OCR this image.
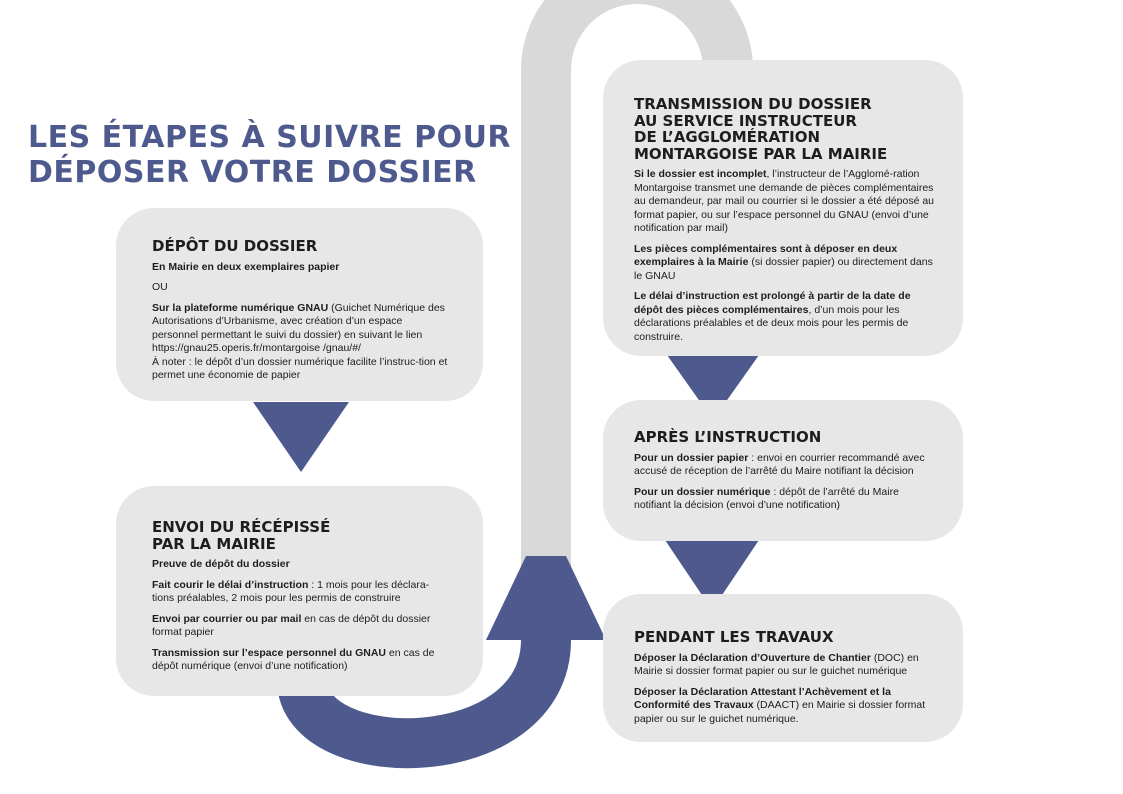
LES ÉTAPES À SUIVRE POUR
DÉPOSER VOTRE DOSSIER
DÉPÔT DU DOSSIER

En Mairie en deux exemplaires papier

OU

Sur la plateforme numérique GNAU (Guichet Numérique des Autorisations d’Urbanisme, avec création d’un espace personnel permettant le suivi du dossier) en suivant le lien https://gnau25.operis.fr/montargoise /gnau/#/

À noter : le dépôt d’un dossier numérique facilite l’instruc-tion et permet une économie de papier

ENVOI DU RÉCÉPISSÉ
PAR LA MAIRIE

Preuve de dépôt du dossier

Fait courir le délai d’instruction : 1 mois pour les déclara-tions préalables, 2 mois pour les permis de construire

Envoi par courrier ou par mail en cas de dépôt du dossier format papier

Transmission sur l’espace personnel du GNAU en cas de dépôt numérique (envoi d’une notification)

TRANSMISSION DU DOSSIER
AU SERVICE INSTRUCTEUR
DE L’AGGLOMÉRATION
MONTARGOISE PAR LA MAIRIE

Si le dossier est incomplet, l’instructeur de l’Agglomé-ration Montargoise transmet une demande de pièces complémentaires au demandeur, par mail ou courrier si le dossier a été déposé au format papier, ou sur l’espace personnel du GNAU (envoi d’une notification par mail)

Les pièces complémentaires sont à déposer en deux exemplaires à la Mairie (si dossier papier) ou directement dans le GNAU

Le délai d’instruction est prolongé à partir de la date de dépôt des pièces complémentaires, d’un mois pour les déclarations préalables et de deux mois pour les permis de construire.

APRÈS L’INSTRUCTION

Pour un dossier papier : envoi en courrier recommandé avec accusé de réception de l’arrêté du Maire notifiant la décision

Pour un dossier numérique : dépôt de l’arrêté du Maire notifiant la décision (envoi d’une notification)

PENDANT LES TRAVAUX

Déposer la Déclaration d’Ouverture de Chantier (DOC) en Mairie si dossier format papier ou sur le guichet numérique

Déposer la Déclaration Attestant l’Achèvement et la Conformité des Travaux (DAACT) en Mairie si dossier format papier ou sur le guichet numérique.
